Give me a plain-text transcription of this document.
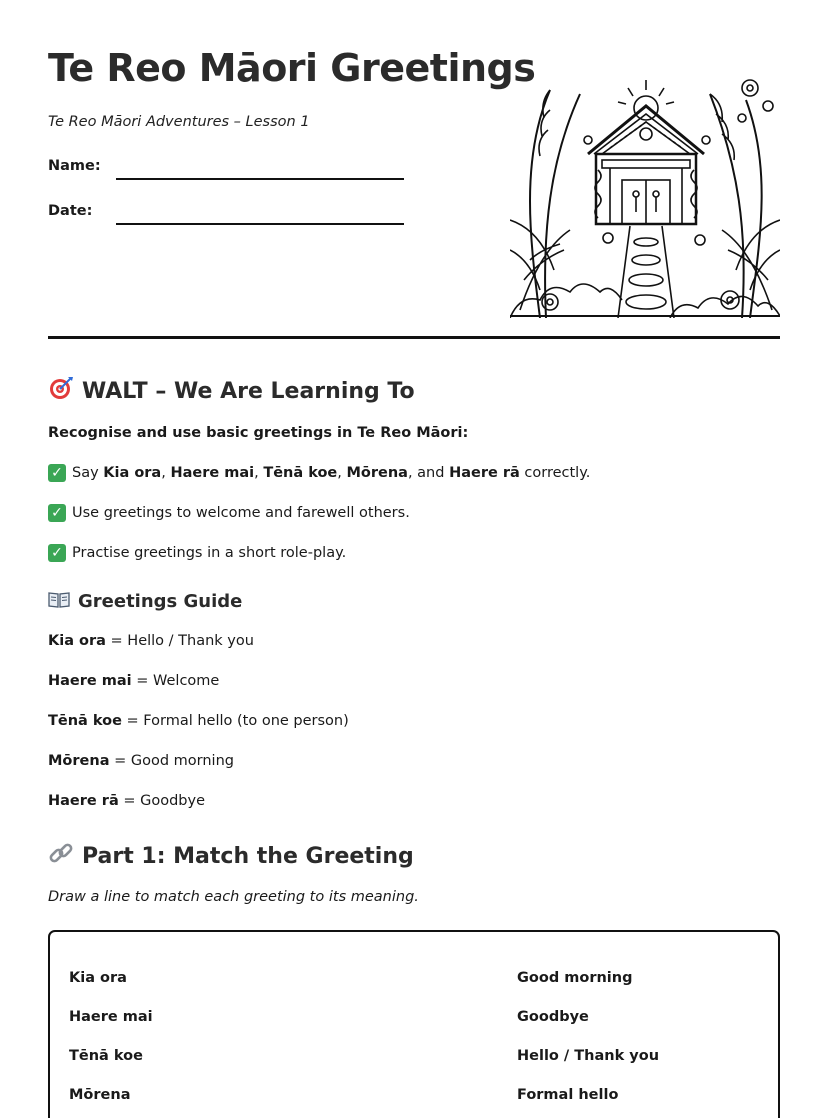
Te Reo Māori Greetings
Te Reo Māori Adventures – Lesson 1
Name:
Date:
WALT – We Are Learning To
Recognise and use basic greetings in Te Reo Māori:
✓ Say Kia ora , Haere mai , Tēnā koe , Mōrena , and Haere rā correctly.
✓ Use greetings to welcome and farewell others.
✓ Practise greetings in a short role-play.
Greetings Guide
Kia ora = Hello / Thank you
Haere mai = Welcome
Tēnā koe = Formal hello (to one person)
Mōrena = Good morning
Haere rā = Goodbye
Part 1: Match the Greeting
Draw a line to match each greeting to its meaning.
Kia ora
Haere mai
Tēnā koe
Mōrena
Good morning
Goodbye
Hello / Thank you
Formal hello
